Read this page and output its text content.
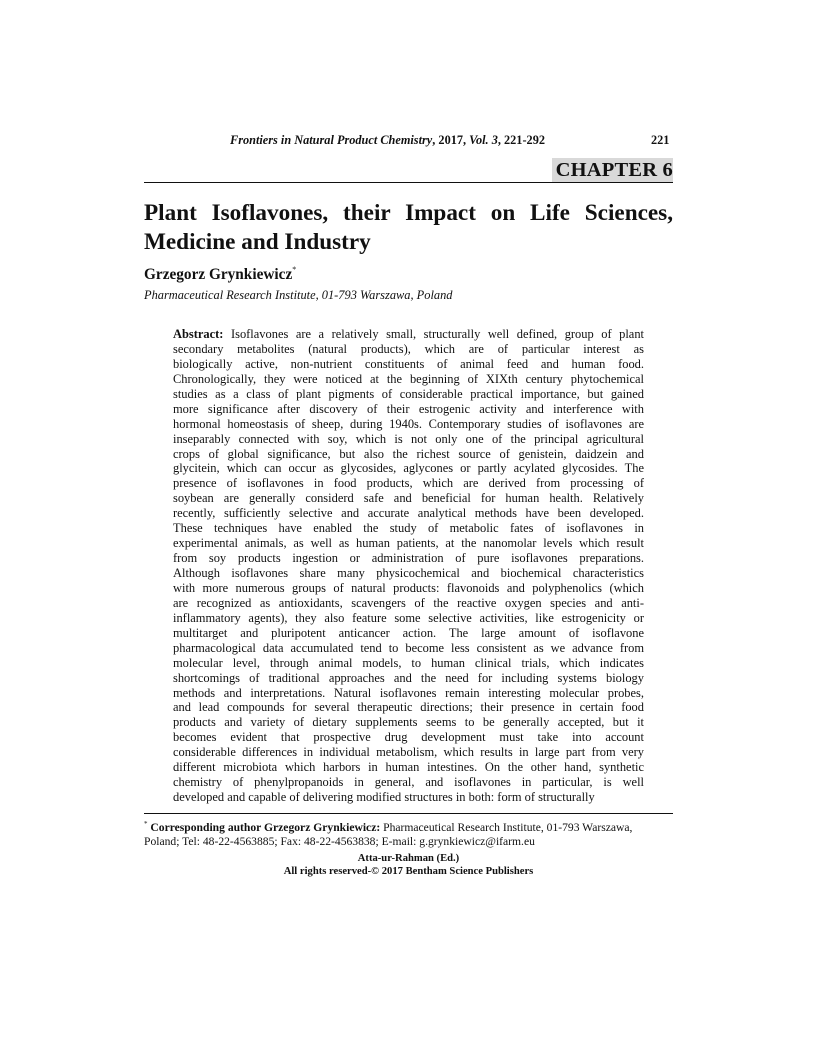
Frontiers in Natural Product Chemistry, 2017, Vol. 3, 221-292	221
CHAPTER 6
Plant Isoflavones, their Impact on Life Sciences, Medicine and Industry
Grzegorz Grynkiewicz*
Pharmaceutical Research Institute, 01-793 Warszawa, Poland
Abstract: Isoflavones are a relatively small, structurally well defined, group of plant
secondary metabolites (natural products), which are of particular interest as
biologically active, non-nutrient constituents of animal feed and human food.
Chronologically, they were noticed at the beginning of XIXth century phytochemical
studies as a class of plant pigments of considerable practical importance, but gained
more significance after discovery of their estrogenic activity and interference with
hormonal homeostasis of sheep, during 1940s. Contemporary studies of isoflavones are
inseparably connected with soy, which is not only one of the principal agricultural
crops of global significance, but also the richest source of genistein, daidzein and
glycitein, which can occur as glycosides, aglycones or partly acylated glycosides. The
presence of isoflavones in food products, which are derived from processing of
soybean are generally considerd safe and beneficial for human health. Relatively
recently, sufficiently selective and accurate analytical methods have been developed.
These techniques have enabled the study of metabolic fates of isoflavones in
experimental animals, as well as human patients, at the nanomolar levels which result
from soy products ingestion or administration of pure isoflavones preparations.
Although isoflavones share many physicochemical and biochemical characteristics
with more numerous groups of natural products: flavonoids and polyphenolics (which
are recognized as antioxidants, scavengers of the reactive oxygen species and anti-
inflammatory agents), they also feature some selective activities, like estrogenicity or
multitarget and pluripotent anticancer action. The large amount of isoflavone
pharmacological data accumulated tend to become less consistent as we advance from
molecular level, through animal models, to human clinical trials, which indicates
shortcomings of traditional approaches and the need for including systems biology
methods and interpretations. Natural isoflavones remain interesting molecular probes,
and lead compounds for several therapeutic directions; their presence in certain food
products and variety of dietary supplements seems to be generally accepted, but it
becomes evident that prospective drug development must take into account
considerable differences in individual metabolism, which results in large part from very
different microbiota which harbors in human intestines. On the other hand, synthetic
chemistry of phenylpropanoids in general, and isoflavones in particular, is well
developed and capable of delivering modified structures in both: form of structurally
* Corresponding author Grzegorz Grynkiewicz: Pharmaceutical Research Institute, 01-793 Warszawa,
Poland; Tel: 48-22-4563885; Fax: 48-22-4563838; E-mail: g.grynkiewicz@ifarm.eu
Atta-ur-Rahman (Ed.)
All rights reserved-© 2017 Bentham Science Publishers
